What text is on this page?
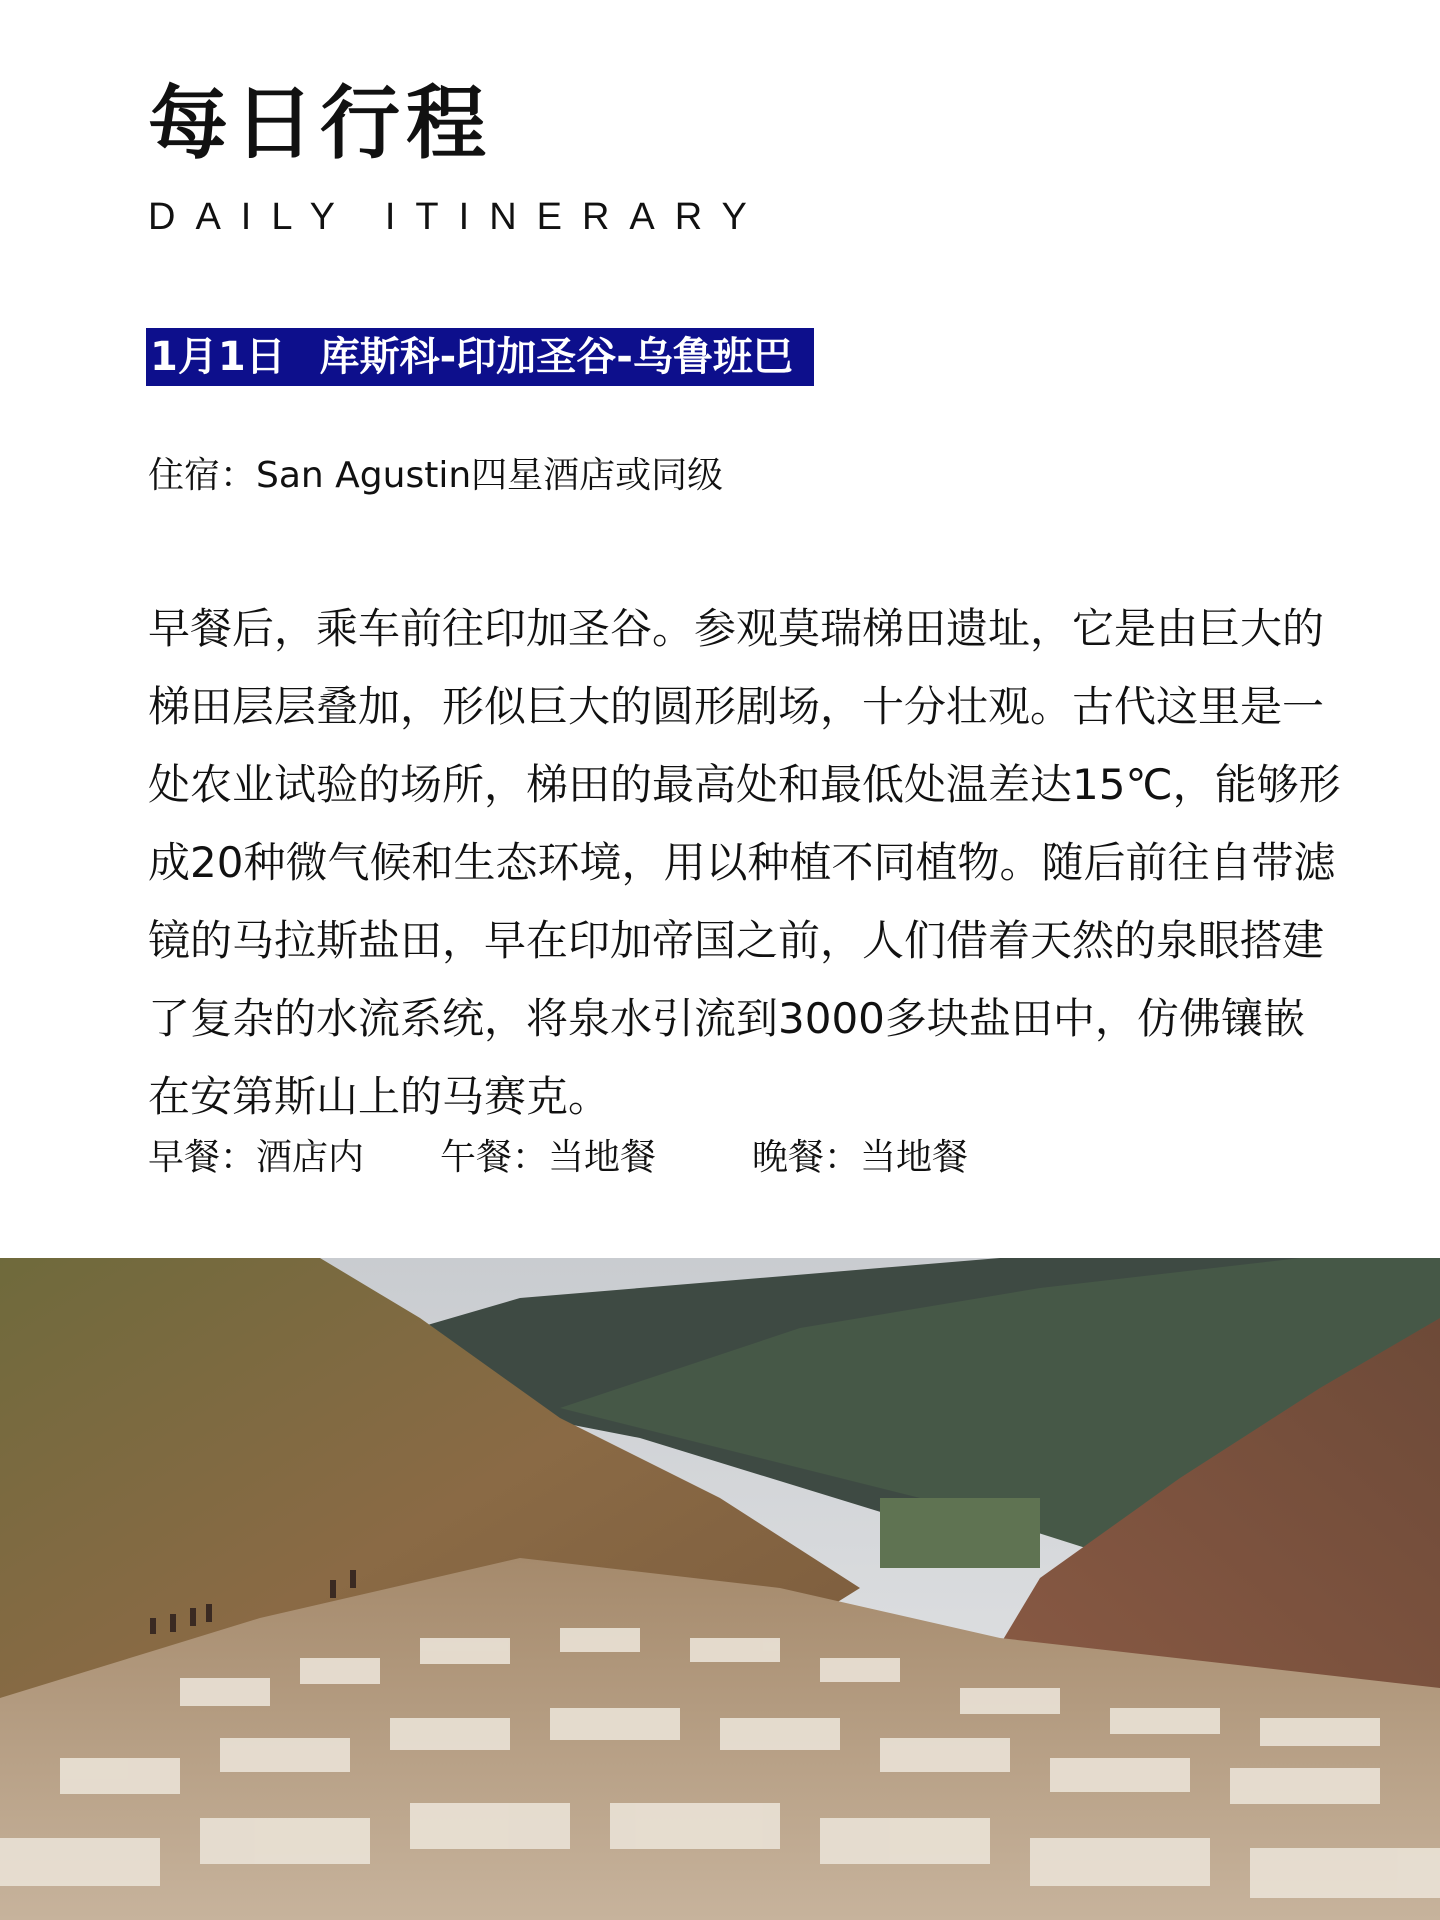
每日行程
DAILY ITINERARY
1月1日 库斯科-印加圣谷-乌鲁班巴
住宿：San Agustin四星酒店或同级
早餐后，乘车前往印加圣谷。参观莫瑞梯田遗址，它是由巨大的
梯田层层叠加，形似巨大的圆形剧场，十分壮观。古代这里是一
处农业试验的场所，梯田的最高处和最低处温差达15℃，能够形
成20种微气候和生态环境，用以种植不同植物。随后前往自带滤
镜的马拉斯盐田，早在印加帝国之前，人们借着天然的泉眼搭建
了复杂的水流系统，将泉水引流到3000多块盐田中，仿佛镶嵌
在安第斯山上的马赛克。
早餐：酒店内 午餐：当地餐	晚餐：当地餐
